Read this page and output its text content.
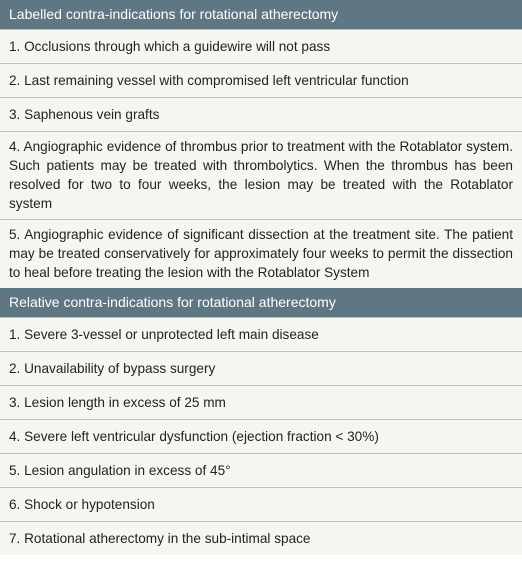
Labelled contra-indications for rotational atherectomy
1. Occlusions through which a guidewire will not pass
2. Last remaining vessel with compromised left ventricular function
3. Saphenous vein grafts
4. Angiographic evidence of thrombus prior to treatment with the Rotablator system. Such patients may be treated with thrombolytics. When the thrombus has been resolved for two to four weeks, the lesion may be treated with the Rotablator system
5. Angiographic evidence of significant dissection at the treatment site. The patient may be treated conservatively for approximately four weeks to permit the dissection to heal before treating the lesion with the Rotablator System
Relative contra-indications for rotational atherectomy
1. Severe 3-vessel or unprotected left main disease
2. Unavailability of bypass surgery
3. Lesion length in excess of 25 mm
4. Severe left ventricular dysfunction (ejection fraction < 30%)
5. Lesion angulation in excess of 45°
6. Shock or hypotension
7. Rotational atherectomy in the sub-intimal space
